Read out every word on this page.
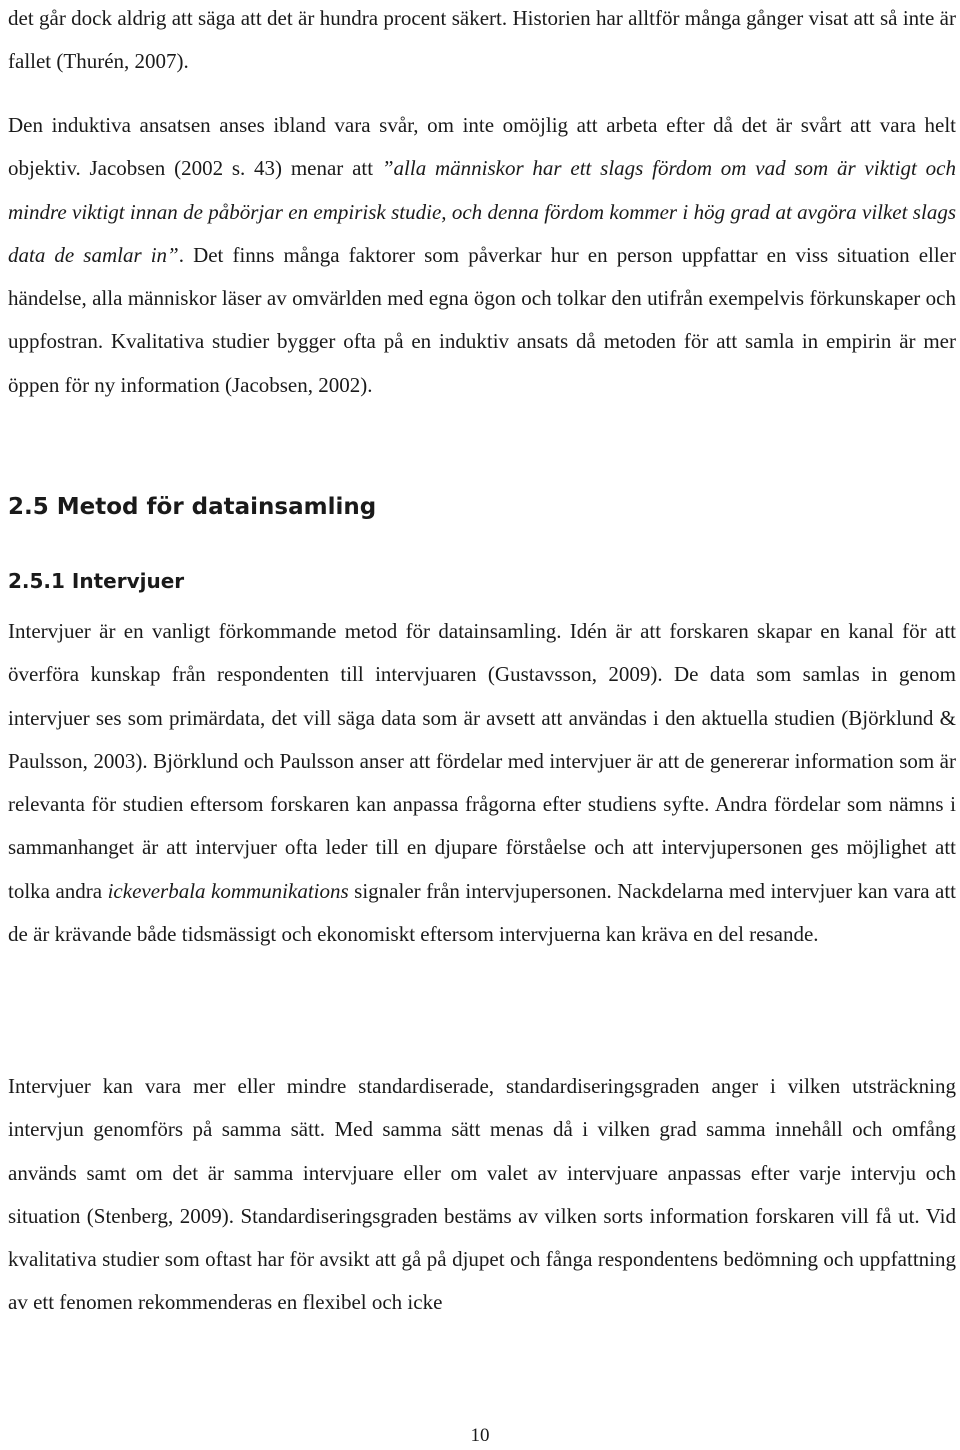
det går dock aldrig att säga att det är hundra procent säkert. Historien har alltför många gånger visat att så inte är fallet (Thurén, 2007).

Den induktiva ansatsen anses ibland vara svår, om inte omöjlig att arbeta efter då det är svårt att vara helt objektiv. Jacobsen (2002 s. 43) menar att ”alla människor har ett slags fördom om vad som är viktigt och mindre viktigt innan de påbörjar en empirisk studie, och denna fördom kommer i hög grad at avgöra vilket slags data de samlar in”. Det finns många faktorer som påverkar hur en person uppfattar en viss situation eller händelse, alla människor läser av omvärlden med egna ögon och tolkar den utifrån exempelvis förkunskaper och uppfostran. Kvalitativa studier bygger ofta på en induktiv ansats då metoden för att samla in empirin är mer öppen för ny information (Jacobsen, 2002).

2.5 Metod för datainsamling
2.5.1 Intervjuer

Intervjuer är en vanligt förkommande metod för datainsamling. Idén är att forskaren skapar en kanal för att överföra kunskap från respondenten till intervjuaren (Gustavsson, 2009). De data som samlas in genom intervjuer ses som primärdata, det vill säga data som är avsett att användas i den aktuella studien (Björklund & Paulsson, 2003). Björklund och Paulsson anser att fördelar med intervjuer är att de genererar information som är relevanta för studien eftersom forskaren kan anpassa frågorna efter studiens syfte. Andra fördelar som nämns i sammanhanget är att intervjuer ofta leder till en djupare förståelse och att intervjupersonen ges möjlighet att tolka andra ickeverbala kommunikations signaler från intervjupersonen. Nackdelarna med intervjuer kan vara att de är krävande både tidsmässigt och ekonomiskt eftersom intervjuerna kan kräva en del resande.

Intervjuer kan vara mer eller mindre standardiserade, standardiseringsgraden anger i vilken utsträckning intervjun genomförs på samma sätt. Med samma sätt menas då i vilken grad samma innehåll och omfång används samt om det är samma intervjuare eller om valet av intervjuare anpassas efter varje intervju och situation (Stenberg, 2009). Standardiseringsgraden bestäms av vilken sorts information forskaren vill få ut. Vid kvalitativa studier som oftast har för avsikt att gå på djupet och fånga respondentens bedömning och uppfattning av ett fenomen rekommenderas en flexibel och icke

10
